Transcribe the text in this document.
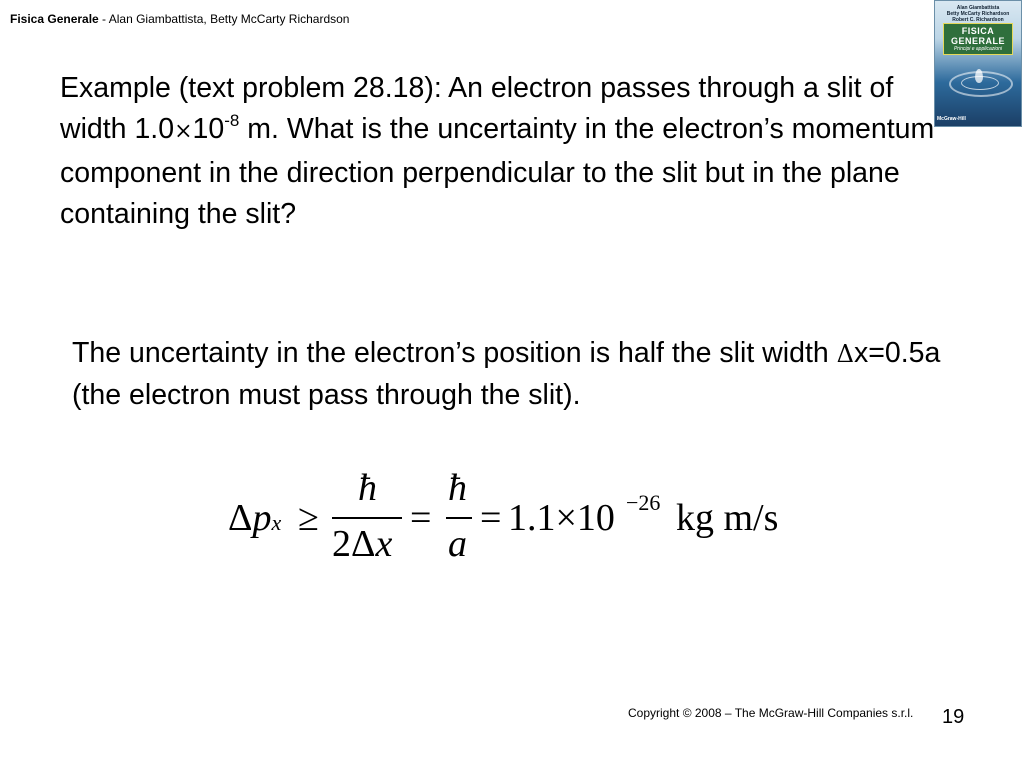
Fisica Generale - Alan Giambattista, Betty McCarty Richardson
Alan Giambattista
Betty McCarty Richardson
Robert C. Richardson
FISICA GENERALE
Principi e applicazioni
McGraw-Hill
Example (text problem 28.18): An electron passes through a slit of width $1.0\times 10^{-8}$ m. What is the uncertainty in the electron’s momentum component in the direction perpendicular to the slit but in the plane containing the slit?
The uncertainty in the electron’s position is half the slit width Δx=0.5a (the electron must pass through the slit).
Δpx ≥
ħ
2Δx
=
ħ
a
= 1.1×10 −26 kg m/s
Copyright © 2008 – The McGraw-Hill Companies s.r.l. 19
